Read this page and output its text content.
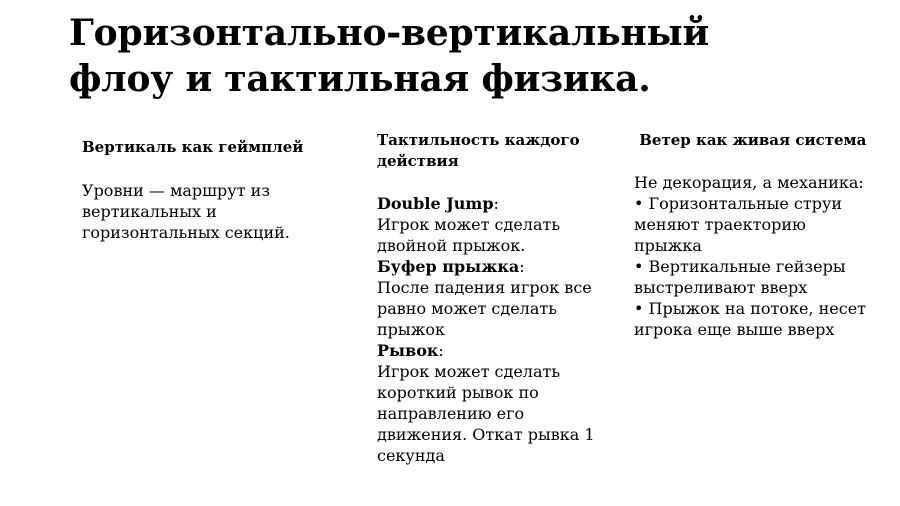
Горизонтально-вертикальный
флоу и тактильная физика.

Вертикаль как геймплей

Уровни — маршрут из вертикальных и горизонтальных секций.

Тактильность каждого действия

Double Jump:
Игрок может сделать двойной прыжок.

Буфер прыжка:
После падения игрок все равно может сделать прыжок

Рывок:
Игрок может сделать короткий рывок по направлению его движения. Откат рывка 1 секунда

Ветер как живая система

Не декорация, а механика:

• Горизонтальные струи меняют траекторию прыжка

• Вертикальные гейзеры выстреливают вверх

• Прыжок на потоке, несет игрока еще выше вверх
